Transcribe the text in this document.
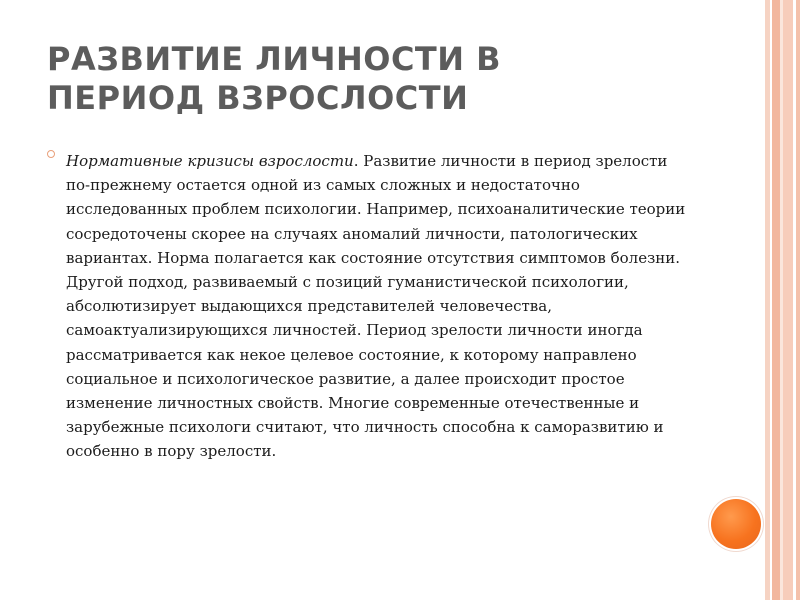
РАЗВИТИЕ ЛИЧНОСТИ В
ПЕРИОД ВЗРОСЛОСТИ

Нормативные кризисы взрослости. Развитие личности в период зрелости по-прежнему остается одной из самых сложных и недостаточно исследованных проблем психологии. Например, психоаналитические теории сосредоточены скорее на случаях аномалий личности, патологических вариантах. Норма полагается как состояние отсутствия симптомов болезни. Другой подход, развиваемый с позиций гуманистической психологии, абсолютизирует выдающихся представителей человечества, самоактуализирующихся личностей. Период зрелости личности иногда рассматривается как некое целевое состояние, к которому направлено социальное и психологическое развитие, а далее происходит простое изменение личностных свойств. Многие современные отечественные и зарубежные психологи считают, что личность способна к саморазвитию и особенно в пору зрелости.
